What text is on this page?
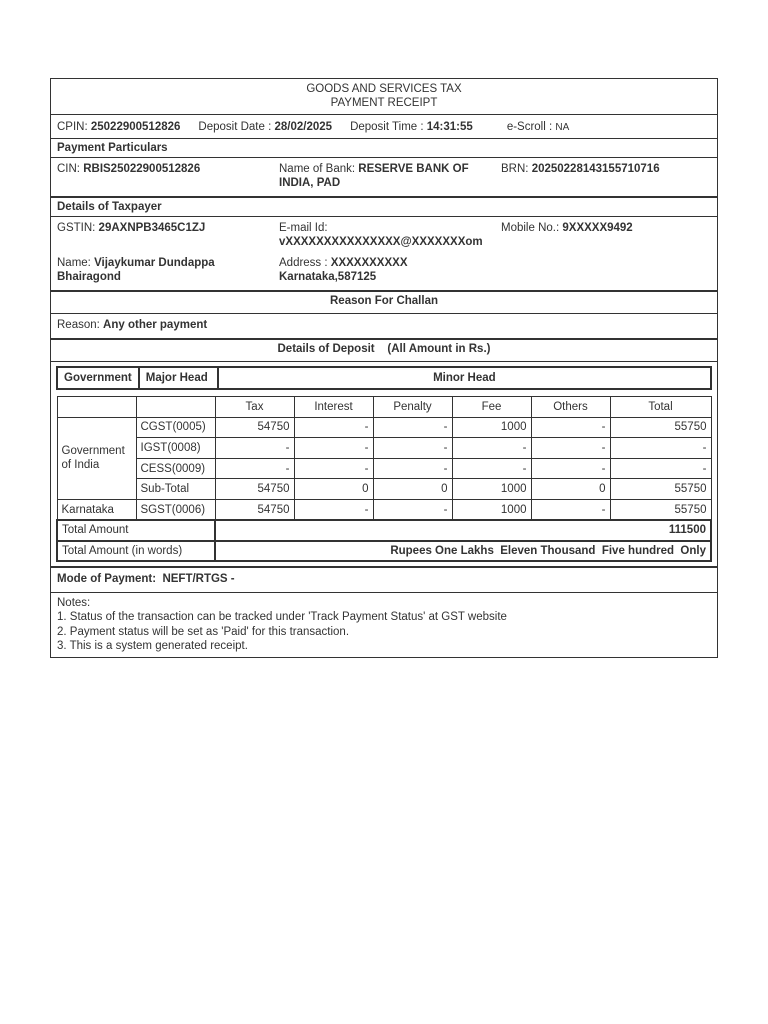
GOODS AND SERVICES TAX
PAYMENT RECEIPT
CPIN: 25022900512826 Deposit Date : 28/02/2025 Deposit Time : 14:31:55	e-Scroll : NA
Payment Particulars
CIN: RBIS25022900512826	Name of Bank: RESERVE BANK OF INDIA, PAD
BRN: 20250228143155710716
Details of Taxpayer
GSTIN: 29AXNPB3465C1ZJ	E-mail Id:
vXXXXXXXXXXXXXXX@XXXXXXXom
Mobile No.: 9XXXXX9492
Name: Vijaykumar Dundappa Bhairagond
Address : XXXXXXXXXX
Karnataka,587125
Reason For Challan
Reason: Any other payment
Details of Deposit    (All Amount in Rs.)
Government	Major Head	Minor Head
		Tax	Interest	Penalty	Fee	Others	Total
Government of India	CGST(0005)	54750	-	-	1000	-	55750
	IGST(0008)	-	-	-	-	-	-
	CESS(0009)	-	-	-	-	-	-
	Sub-Total	54750	0	0	1000	0	55750
Karnataka	SGST(0006)	54750	-	-	1000	-	55750
Total Amount		111500					
Total Amount (in words)		Rupees One Lakhs  Eleven Thousand  Five hundred  Only					
Mode of Payment: NEFT/RTGS -
Notes:
1. Status of the transaction can be tracked under 'Track Payment Status' at GST website
2. Payment status will be set as 'Paid' for this transaction.
3. This is a system generated receipt.
